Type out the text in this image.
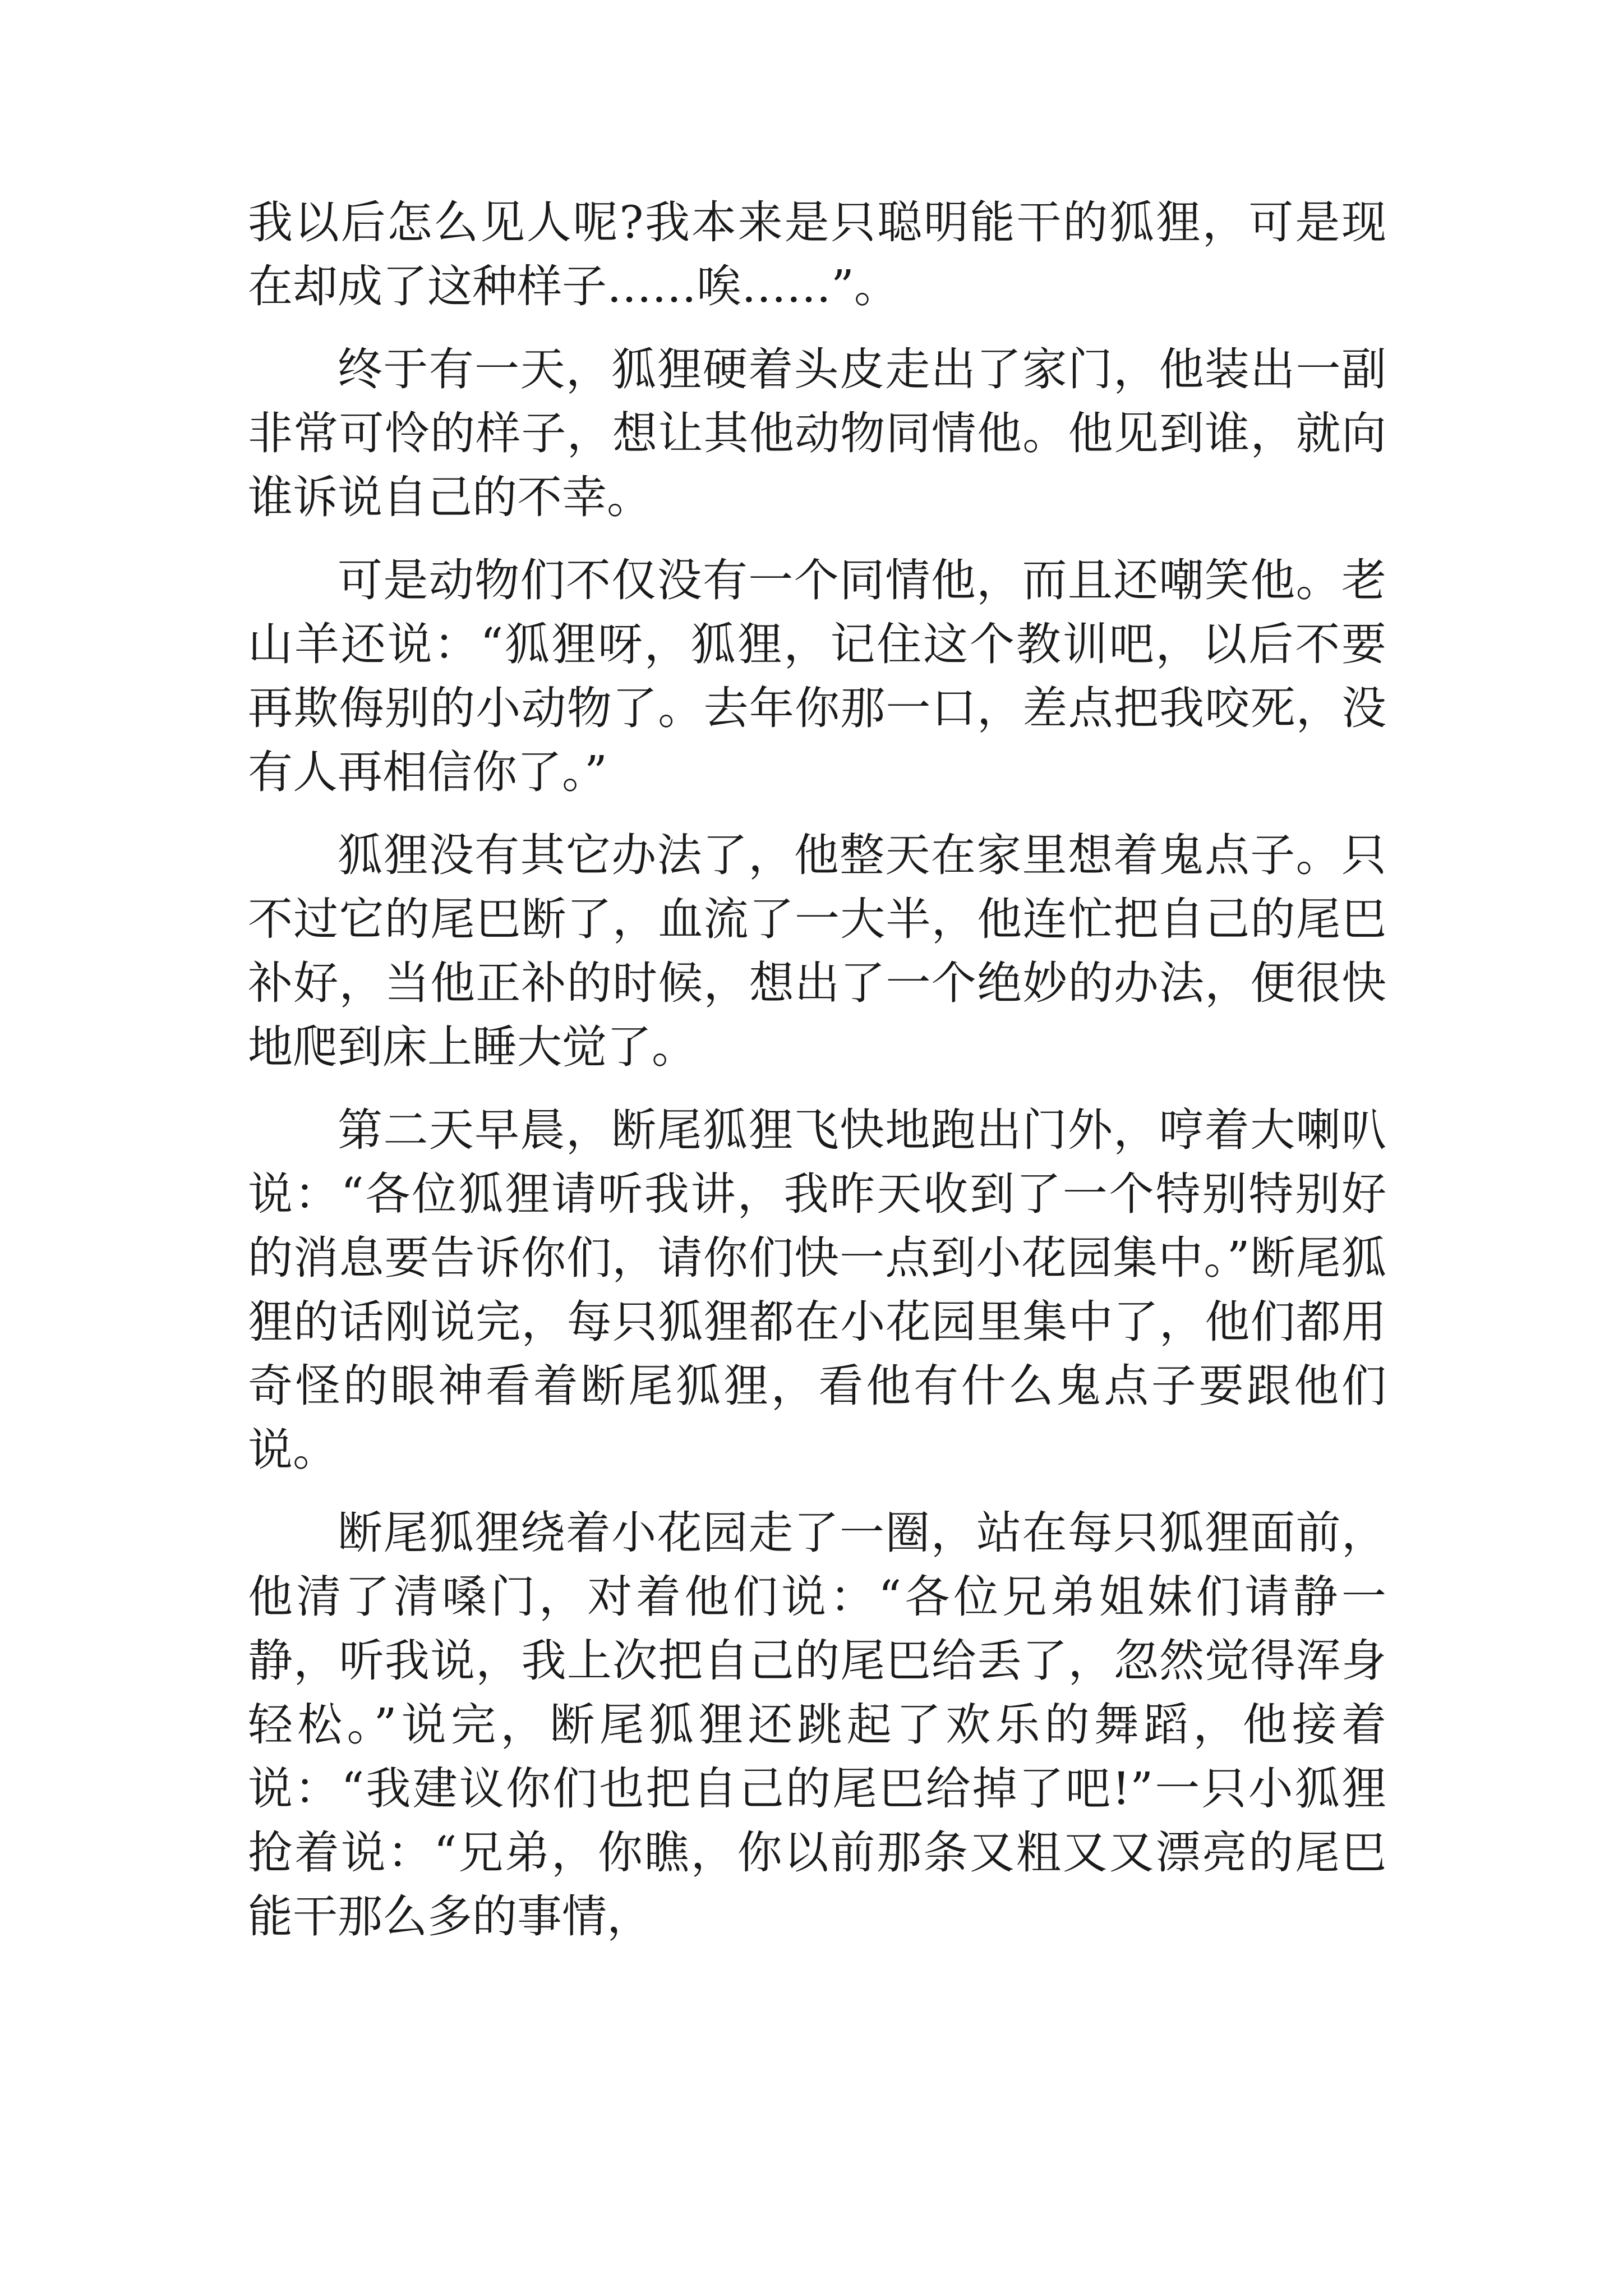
我以后怎么见人呢?我本来是只聪明能干的狐狸，可是现在却成了这种样子……唉……”。

终于有一天，狐狸硬着头皮走出了家门，他装出一副非常可怜的样子，想让其他动物同情他。他见到谁，就向谁诉说自己的不幸。

可是动物们不仅没有一个同情他，而且还嘲笑他。老山羊还说：“狐狸呀，狐狸，记住这个教训吧，以后不要再欺侮别的小动物了。去年你那一口，差点把我咬死，没有人再相信你了。”

狐狸没有其它办法了，他整天在家里想着鬼点子。只不过它的尾巴断了，血流了一大半，他连忙把自己的尾巴补好，当他正补的时候，想出了一个绝妙的办法，便很快地爬到床上睡大觉了。

第二天早晨，断尾狐狸飞快地跑出门外，哼着大喇叭说：“各位狐狸请听我讲，我昨天收到了一个特别特别好的消息要告诉你们，请你们快一点到小花园集中。”断尾狐狸的话刚说完，每只狐狸都在小花园里集中了，他们都用奇怪的眼神看着断尾狐狸，看他有什么鬼点子要跟他们说。

断尾狐狸绕着小花园走了一圈，站在每只狐狸面前，他清了清嗓门，对着他们说：“各位兄弟姐妹们请静一静，听我说，我上次把自己的尾巴给丢了，忽然觉得浑身轻松。”说完，断尾狐狸还跳起了欢乐的舞蹈，他接着说：“我建议你们也把自己的尾巴给掉了吧!”一只小狐狸抢着说：“兄弟，你瞧，你以前那条又粗又又漂亮的尾巴能干那么多的事情，
